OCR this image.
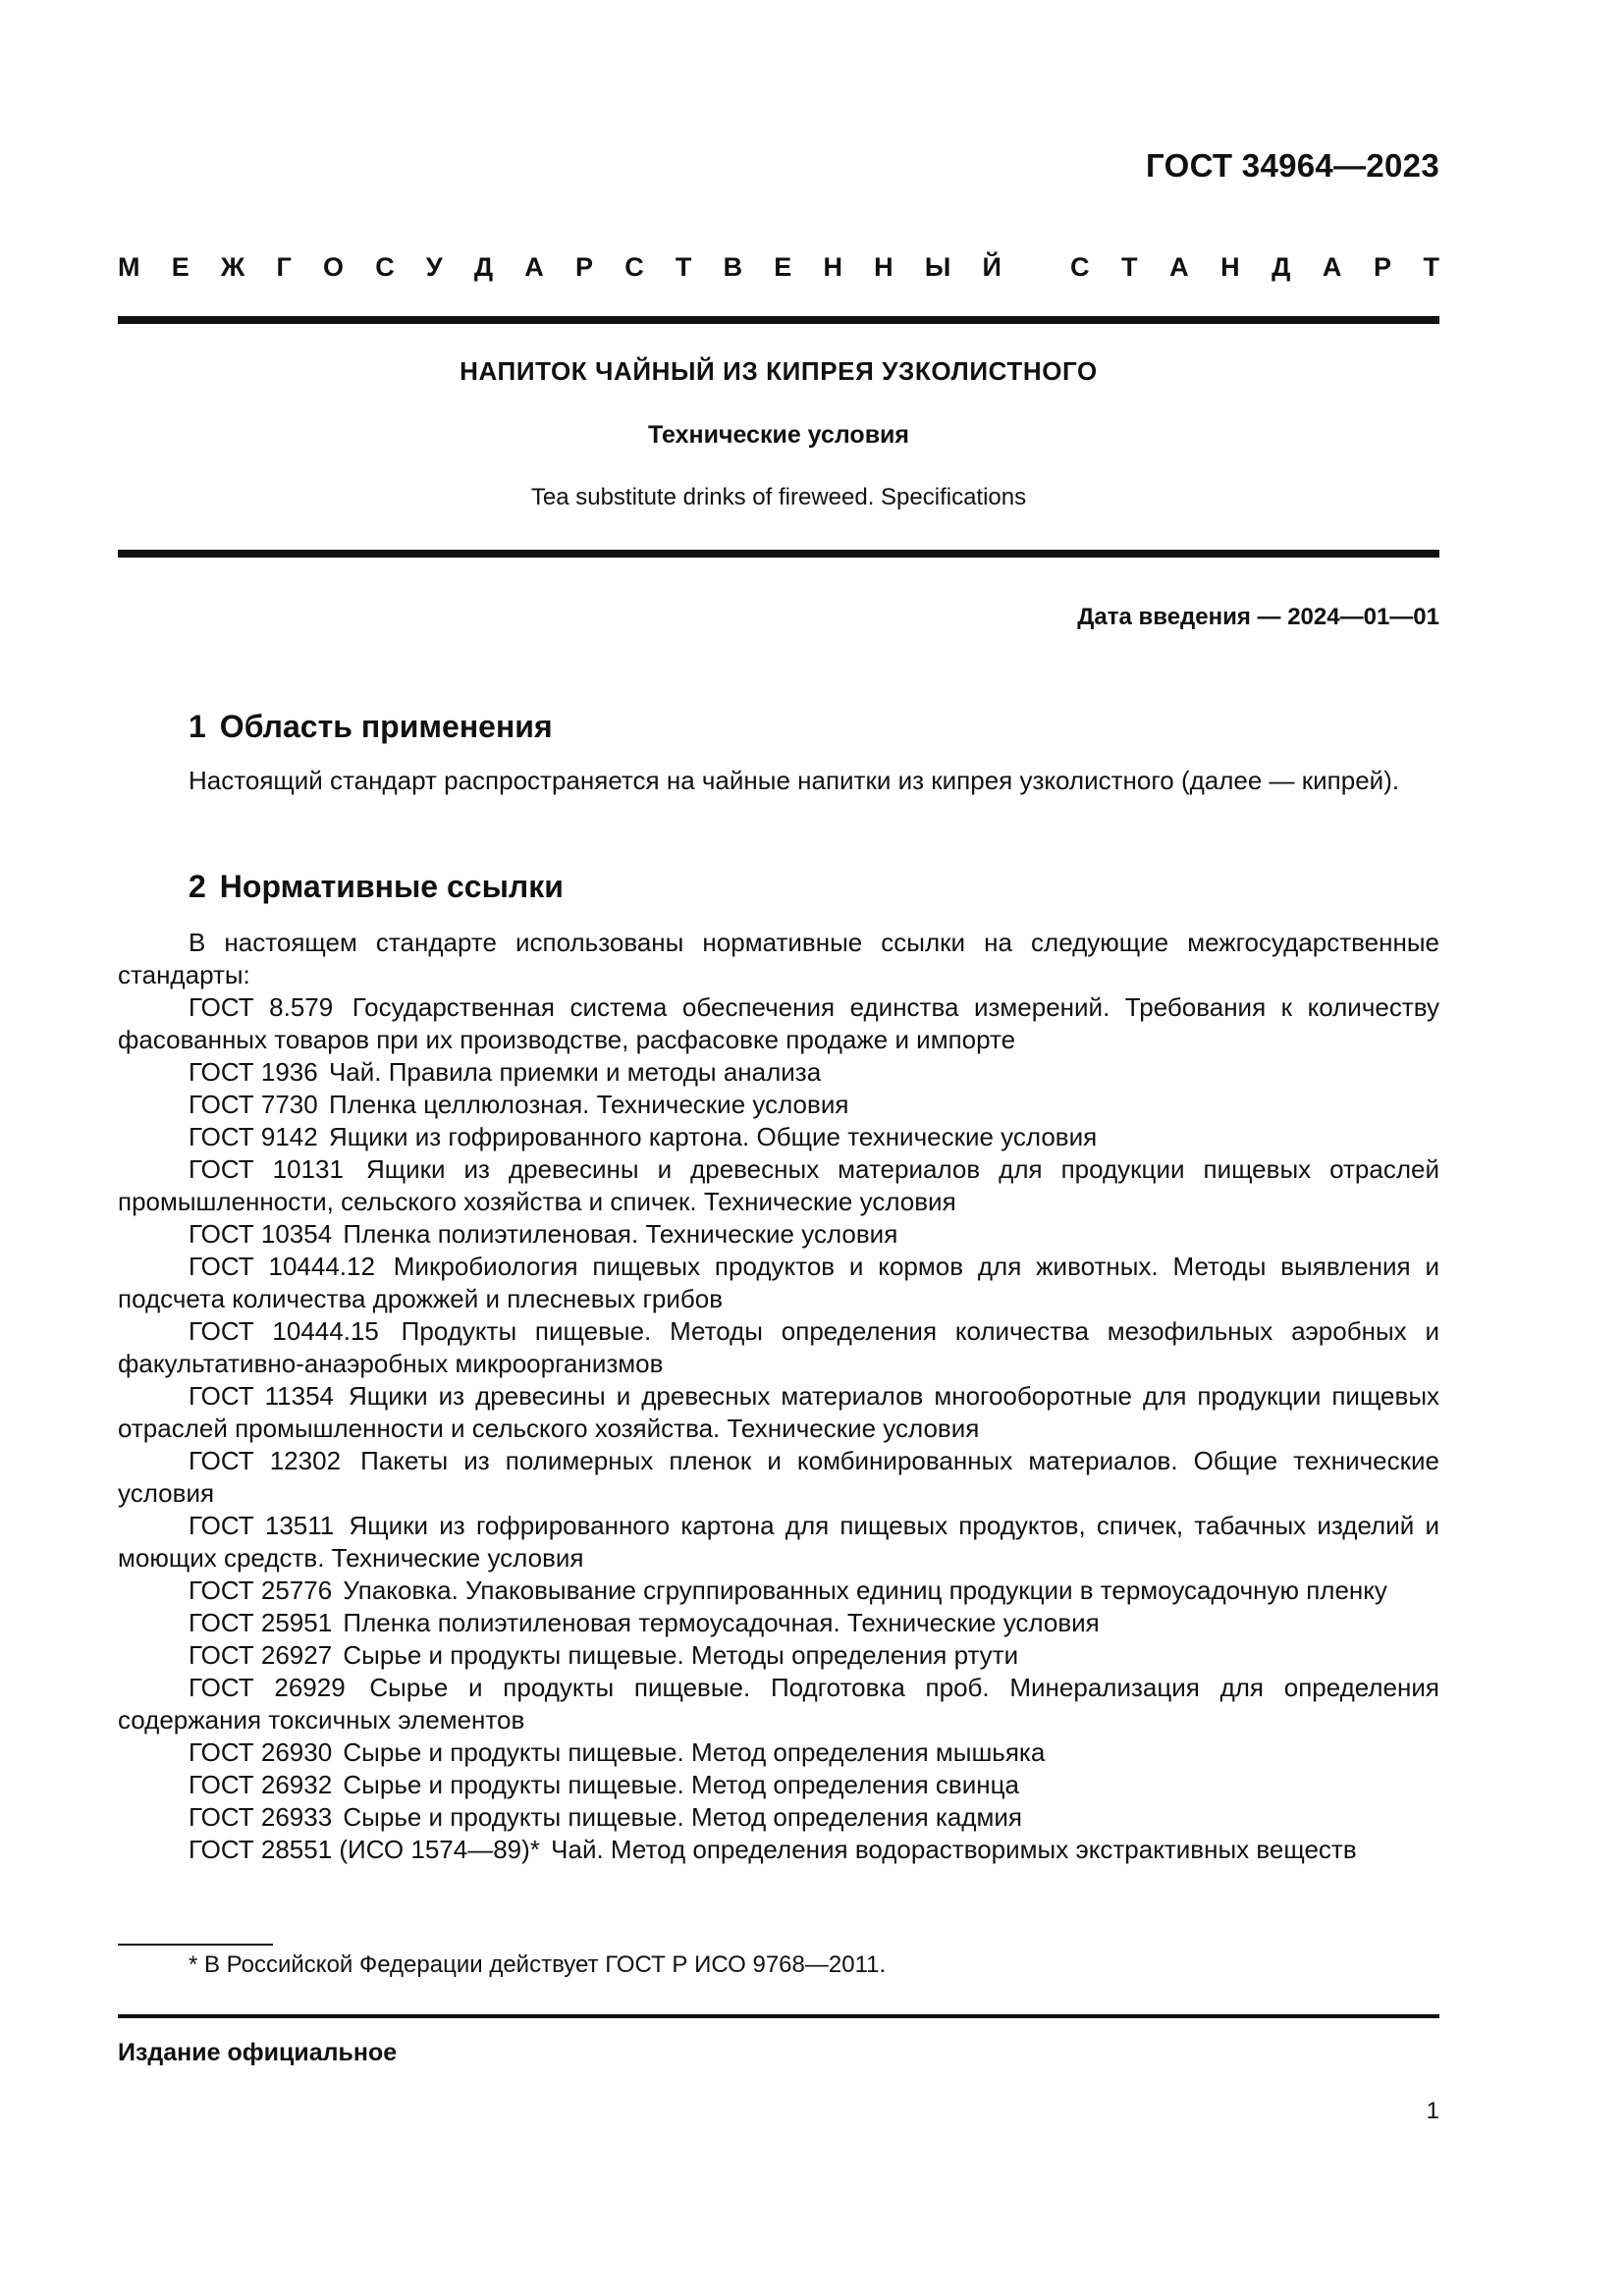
ГОСТ 34964—2023
М Е Ж Г О С У Д А Р С Т В Е Н Н Ы Й	С Т А Н Д А Р Т
НАПИТОК ЧАЙНЫЙ ИЗ КИПРЕЯ УЗКОЛИСТНОГО
Технические условия
Tea substitute drinks of fireweed. Specifications
Дата введения — 2024—01—01
1 Область применения

Настоящий стандарт распространяется на чайные напитки из кипрея узколистного (далее — кипрей).

2 Нормативные ссылки

В настоящем стандарте использованы нормативные ссылки на следующие межгосударственные стандарты:

ГОСТ 8.579 Государственная система обеспечения единства измерений. Требования к количеству фасованных товаров при их производстве, расфасовке продаже и импорте

ГОСТ 1936 Чай. Правила приемки и методы анализа

ГОСТ 7730 Пленка целлюлозная. Технические условия

ГОСТ 9142 Ящики из гофрированного картона. Общие технические условия

ГОСТ 10131 Ящики из древесины и древесных материалов для продукции пищевых отраслей промышленности, сельского хозяйства и спичек. Технические условия

ГОСТ 10354 Пленка полиэтиленовая. Технические условия

ГОСТ 10444.12 Микробиология пищевых продуктов и кормов для животных. Методы выявления и подсчета количества дрожжей и плесневых грибов

ГОСТ 10444.15 Продукты пищевые. Методы определения количества мезофильных аэробных и факультативно-анаэробных микроорганизмов

ГОСТ 11354 Ящики из древесины и древесных материалов многооборотные для продукции пищевых отраслей промышленности и сельского хозяйства. Технические условия

ГОСТ 12302 Пакеты из полимерных пленок и комбинированных материалов. Общие технические условия

ГОСТ 13511 Ящики из гофрированного картона для пищевых продуктов, спичек, табачных изделий и моющих средств. Технические условия

ГОСТ 25776 Упаковка. Упаковывание сгруппированных единиц продукции в термоусадочную пленку

ГОСТ 25951 Пленка полиэтиленовая термоусадочная. Технические условия

ГОСТ 26927 Сырье и продукты пищевые. Методы определения ртути

ГОСТ 26929 Сырье и продукты пищевые. Подготовка проб. Минерализация для определения содержания токсичных элементов

ГОСТ 26930 Сырье и продукты пищевые. Метод определения мышьяка

ГОСТ 26932 Сырье и продукты пищевые. Метод определения свинца

ГОСТ 26933 Сырье и продукты пищевые. Метод определения кадмия

ГОСТ 28551 (ИСО 1574—89)* Чай. Метод определения водорастворимых экстрактивных веществ

* В Российской Федерации действует ГОСТ Р ИСО 9768—2011.
Издание официальное
1
